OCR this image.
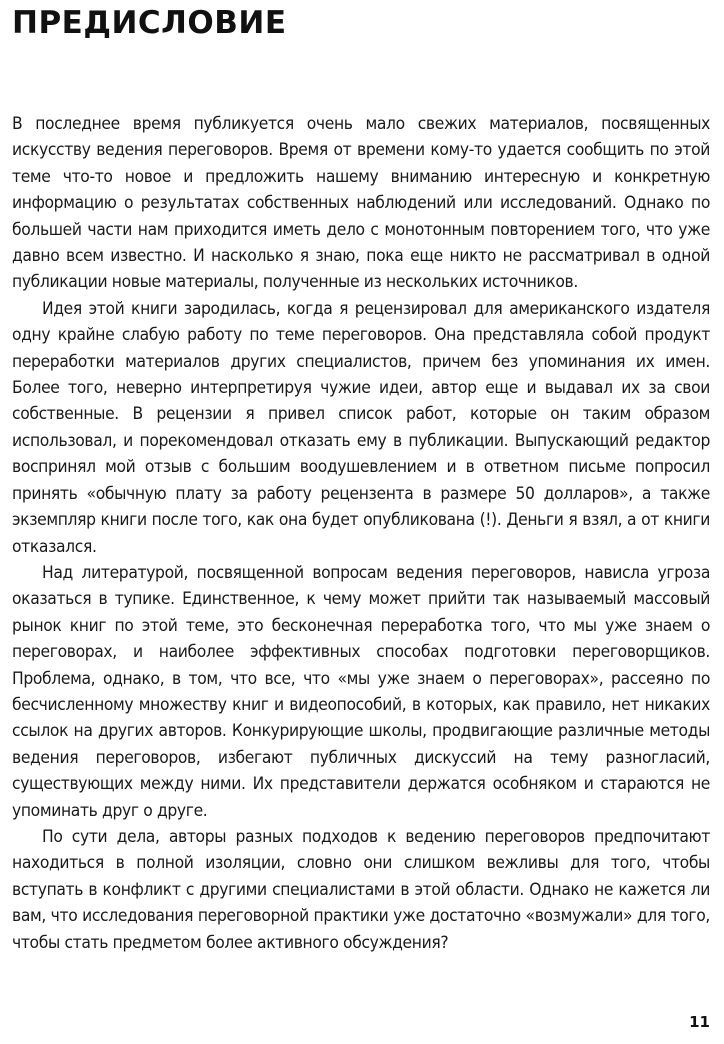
ПРЕДИСЛОВИЕ

В последнее время публикуется очень мало свежих материалов, посвященных искусству ведения переговоров. Время от времени кому-то удается сообщить по этой теме что-то новое и предложить нашему вниманию интересную и конкретную информацию о результатах собственных наблюдений или исследований. Однако по большей части нам приходится иметь дело с монотонным повторением того, что уже давно всем известно. И насколько я знаю, пока еще никто не рассматривал в одной публикации новые материалы, полученные из нескольких источников.

Идея этой книги зародилась, когда я рецензировал для американского издателя одну крайне слабую работу по теме переговоров. Она представляла собой продукт переработки материалов других специалистов, причем без упоминания их имен. Более того, неверно интерпретируя чужие идеи, автор еще и выдавал их за свои собственные. В рецензии я привел список работ, которые он таким образом использовал, и порекомендовал отказать ему в публикации. Выпускающий редактор воспринял мой отзыв с большим воодушевлением и в ответном письме попросил принять «обычную плату за работу рецензента в размере 50 долларов», а также экземпляр книги после того, как она будет опубликована (!). Деньги я взял, а от книги отказался.

Над литературой, посвященной вопросам ведения переговоров, нависла угроза оказаться в тупике. Единственное, к чему может прийти так называемый массовый рынок книг по этой теме, это бесконечная переработка того, что мы уже знаем о переговорах, и наиболее эффективных способах подготовки переговорщиков. Проблема, однако, в том, что все, что «мы уже знаем о переговорах», рассеяно по бесчисленному множеству книг и видеопособий, в которых, как правило, нет никаких ссылок на других авторов. Конкурирующие школы, продвигающие различные методы ведения переговоров, избегают публичных дискуссий на тему разногласий, существующих между ними. Их представители держатся особняком и стараются не упоминать друг о друге.

По сути дела, авторы разных подходов к ведению переговоров предпочитают находиться в полной изоляции, словно они слишком вежливы для того, чтобы вступать в конфликт с другими специалистами в этой области. Однако не кажется ли вам, что исследования переговорной практики уже достаточно «возмужали» для того, чтобы стать предметом более активного обсуждения?

11
